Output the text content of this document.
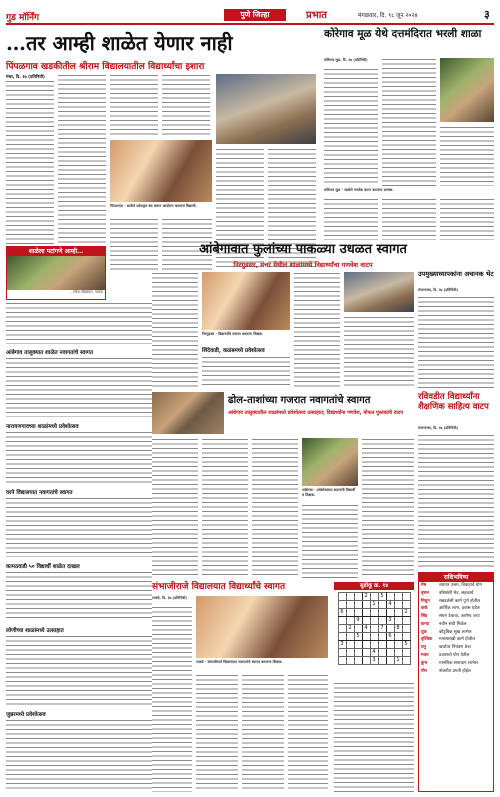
गुड मॉर्निंग	पुणे जिल्हा	प्रभात	मंगळवार, दि. १८ जून २०२४	३
…तर आम्ही शाळेत येणार नाही
पिंपळगाव खडकीतील श्रीराम विद्यालयातील विद्यार्थ्यांचा इशारा
मंचर, दि. १७ (प्रतिनिधी)
पिंपळगाव - शाळेचे प्रवेशद्वार बंद करून आंदोलन करताना विद्यार्थी.
शाळेला पटांगणे आम्ही…
- गणेश पोखरकर, पालक
आंबेगाव तालुक्यात शाळेत नवागतांचे स्वागत
नारायणगावच्या शाळांमध्ये प्रवेशोत्सव
वरपे विद्यालयात नवागतांचे स्वागत
कामठवाडी ५० विद्यार्थी शाळेत दाखल
लोणीच्या शाळांमध्ये उत्साहात
जुन्नरमध्ये प्रवेशोत्सव
कोरेगाव मूळ येथे दत्तमंदिरात भरली शाळा
कोरेगाव मूळ, दि. १७ (प्रतिनिधी)
कोरेगाव मूळ - शाळेचे गणवेश वाटप करताना ग्रामस्थ.
आंबेगावात फुलांच्या पाकळ्या उधळत स्वागत
निरगुडसर, मंचर येथील शाळांमध्ये विद्यार्थ्यांचा गणवेश वाटप
निरगुडसर - विद्यार्थ्यांचे स्वागत करताना शिक्षक.
शिंदेवाडी, कळंबमध्ये प्रवेशोत्सव
उपमुख्याध्यापकांना अचानक भेट
रांजणगाव, दि. १७ (प्रतिनिधी)
ढोल-ताशांच्या गजरात नवागतांचे स्वागत
आंबेगाव तालुक्यातील शाळांमध्ये प्रवेशोत्सव उत्साहात; विद्यार्थ्यांना गणवेश, मोफत पुस्तकांचे वाटप
आंबेगाव - प्रवेशोत्सवात सहभागी विद्यार्थी व शिक्षक.
रविवडीत विद्यार्थ्यांना शैक्षणिक साहित्य वाटप
रांजणगाव, दि. १७ (प्रतिनिधी)
संभाजीराजे विद्यालयात विद्यार्थ्यांचे स्वागत
टाकवे, दि. १७ (प्रतिनिधी)
टाकवे - संभाजीराजे विद्यालयात नवागतांचे स्वागत करताना शिक्षक.
सुडोकू क्र. १४
			2		5			
				1		4		
6								2
		9				3		
	2		4		7		8	
		5				6		
3								5
				4				
				3			1	
राशिभविष्य
मेष	व्यापार उत्तम, विवाहाचे योग
वृषभ	वरिष्ठांशी भेट, सहकार्य
मिथुन	रखडलेली कामे पूर्ण होतील
कर्क	आर्थिक लाभ, प्रवास घडेल
सिंह	संयम ठेवावा, आरोग्य जपा
कन्या	नवीन संधी मिळेल
तूळ	कौटुंबिक सुख लाभेल
वृश्चिक	मनासारखी कामे होतील
धनु	खर्चावर नियंत्रण ठेवा
मकर	प्रवासाचे योग येतील
कुंभ	मानसिक समाधान लाभेल
मीन	नोकरीत प्रगती होईल
